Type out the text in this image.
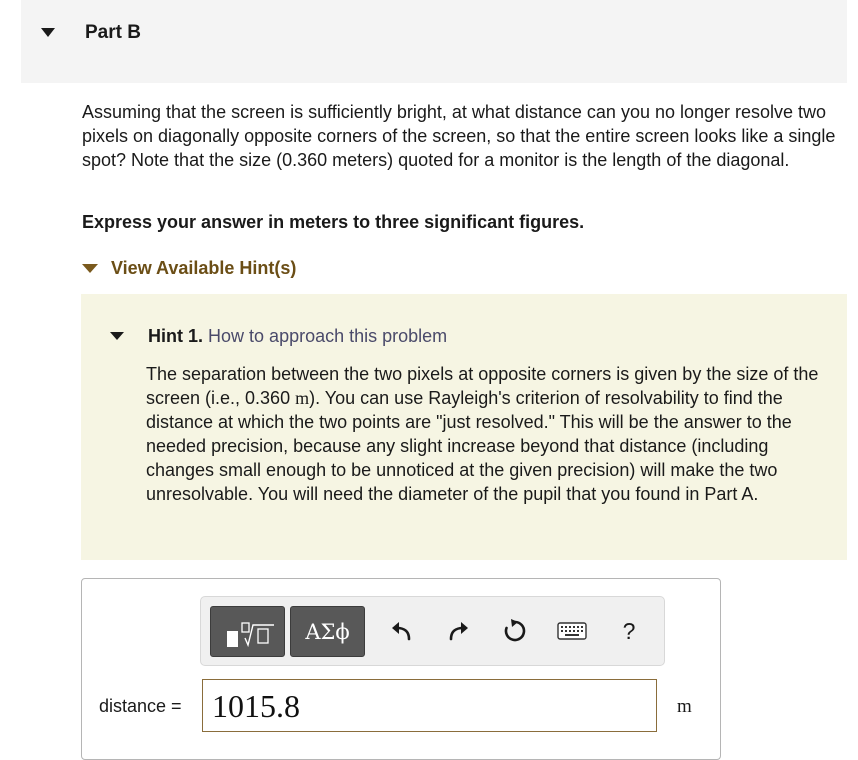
Part B
Assuming that the screen is sufficiently bright, at what distance can you no longer resolve two pixels on diagonally opposite corners of the screen, so that the entire screen looks like a single spot? Note that the size (0.360 meters) quoted for a monitor is the length of the diagonal.
Express your answer in meters to three significant figures.
View Available Hint(s)
Hint 1. How to approach this problem
The separation between the two pixels at opposite corners is given by the size of the screen (i.e., 0.360 m). You can use Rayleigh's criterion of resolvability to find the distance at which the two points are "just resolved." This will be the answer to the needed precision, because any slight increase beyond that distance (including changes small enough to be unnoticed at the given precision) will make the two unresolvable. You will need the diameter of the pupil that you found in Part A.
ΑΣϕ	?
distance = 1015.8	m
